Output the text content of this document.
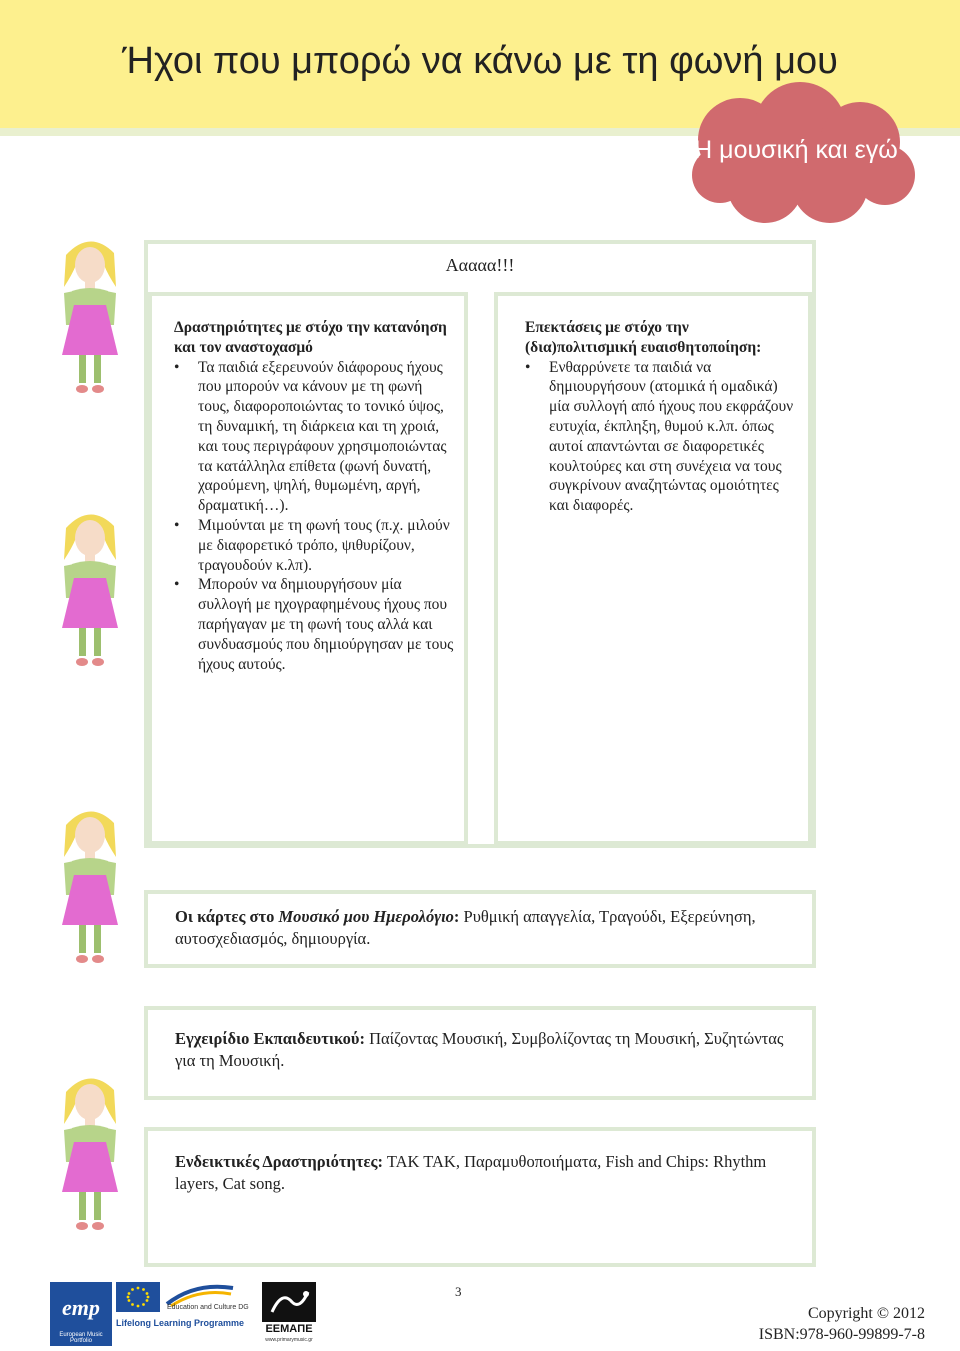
Ήχοι που μπορώ να κάνω με τη φωνή μου
Η μουσική και εγώ
Ααααα!!!
Δραστηριότητες με στόχο την κατανόηση και τον αναστοχασμό
• Τα παιδιά εξερευνούν διάφορους ήχους που μπορούν να κάνουν με τη φωνή τους, διαφοροποιώντας το τονικό ύψος, τη δυναμική, τη διάρκεια και τη χροιά, και τους περιγράφουν χρησιμοποιώντας τα κατάλληλα επίθετα (φωνή δυνατή, χαρούμενη, ψηλή, θυμωμένη, αργή, δραματική…).
• Μιμούνται με τη φωνή τους (π.χ. μιλούν με διαφορετικό τρόπο, ψιθυρίζουν, τραγουδούν κ.λπ).
• Μπορούν να δημιουργήσουν μία συλλογή με ηχογραφημένους ήχους που παρήγαγαν με τη φωνή τους αλλά και συνδυασμούς που δημιούργησαν με τους ήχους αυτούς.
Επεκτάσεις με στόχο την (δια)πολιτισμική ευαισθητοποίηση:
• Ενθαρρύνετε τα παιδιά να δημιουργήσουν (ατομικά ή ομαδικά) μία συλλογή από ήχους που εκφράζουν ευτυχία, έκπληξη, θυμού κ.λπ. όπως αυτοί απαντώνται σε διαφορετικές κουλτούρες και στη συνέχεια να τους συγκρίνουν αναζητώντας ομοιότητες και διαφορές.
Οι κάρτες στο Μουσικό μου Ημερολόγιο: Ρυθμική απαγγελία, Τραγούδι, Εξερεύνηση, αυτοσχεδιασμός, δημιουργία.
Εγχειρίδιο Εκπαιδευτικού: Παίζοντας Μουσική, Συμβολίζοντας τη Μουσική, Συζητώντας για τη Μουσική.
Ενδεικτικές Δραστηριότητες: ΤΑΚ ΤΑΚ, Παραμυθοποιήματα, Fish and Chips: Rhythm layers, Cat song.
emp
European Music Portfolio
Education and Culture DG
Lifelong Learning Programme	ΕΕΜΑΠΕ
www.primarymusic.gr
3
Copyright © 2012
ISBN:978-960-99899-7-8
